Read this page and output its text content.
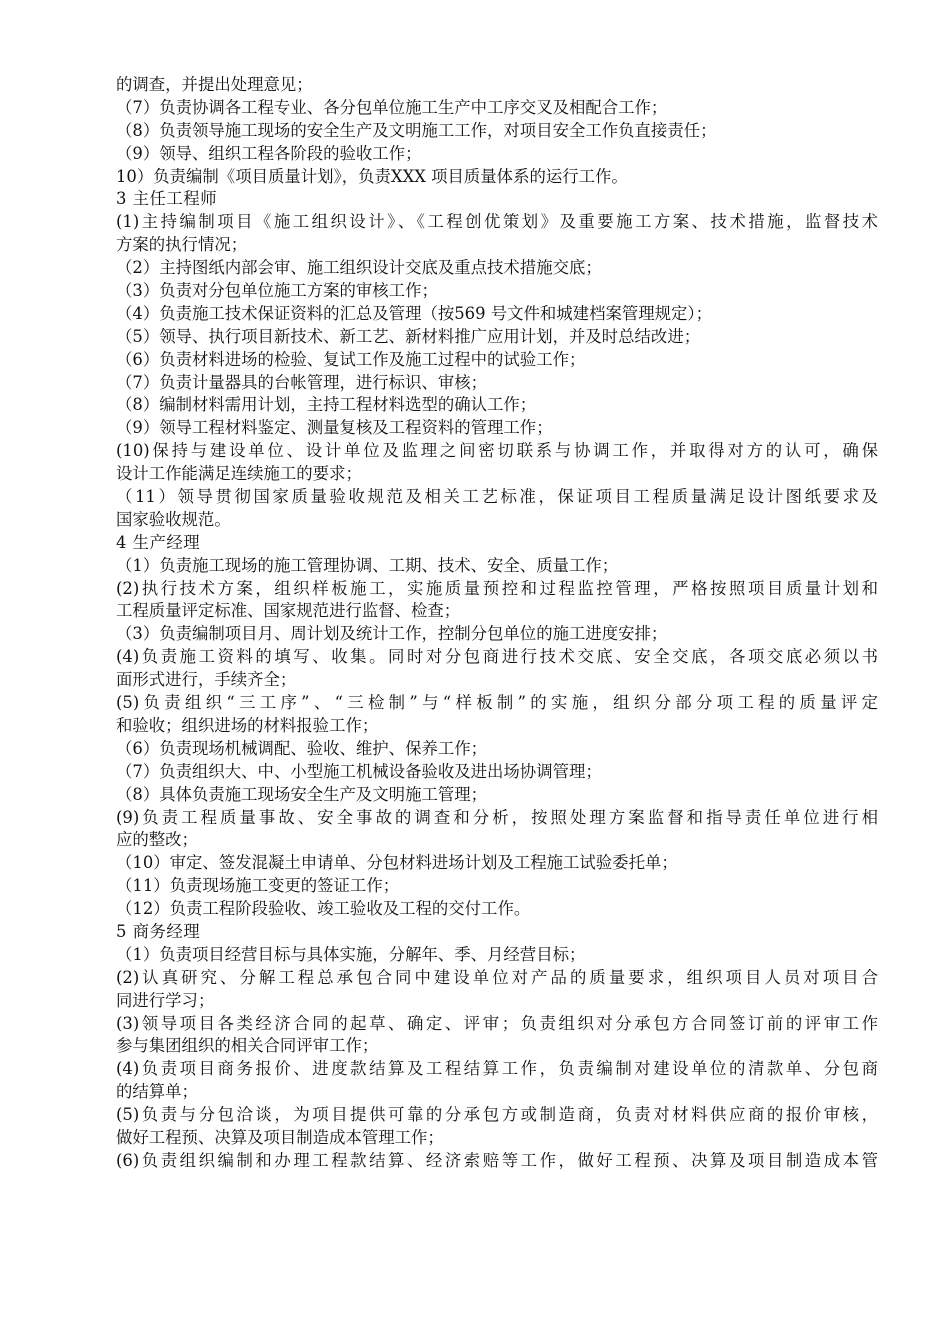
的调查，并提出处理意见；
（7）负责协调各工程专业、各分包单位施工生产中工序交叉及相配合工作；
（8）负责领导施工现场的安全生产及文明施工工作，对项目安全工作负直接责任；
（9）领导、组织工程各阶段的验收工作；
10）负责编制《项目质量计划》，负责XXX 项目质量体系的运行工作。
3 主任工程师
(1)主持编制项目《施工组织设计》、《工程创优策划》及重要施工方案、技术措施，监督技术
方案的执行情况；
（2）主持图纸内部会审、施工组织设计交底及重点技术措施交底；
（3）负责对分包单位施工方案的审核工作；
（4）负责施工技术保证资料的汇总及管理（按569 号文件和城建档案管理规定）；
（5）领导、执行项目新技术、新工艺、新材料推广应用计划，并及时总结改进；
（6）负责材料进场的检验、复试工作及施工过程中的试验工作；
（7）负责计量器具的台帐管理，进行标识、审核；
（8）编制材料需用计划，主持工程材料选型的确认工作；
（9）领导工程材料鉴定、测量复核及工程资料的管理工作；
(10)保持与建设单位、设计单位及监理之间密切联系与协调工作，并取得对方的认可，确保
设计工作能满足连续施工的要求；
（11）领导贯彻国家质量验收规范及相关工艺标准，保证项目工程质量满足设计图纸要求及
国家验收规范。
4 生产经理
（1）负责施工现场的施工管理协调、工期、技术、安全、质量工作；
(2)执行技术方案，组织样板施工，实施质量预控和过程监控管理，严格按照项目质量计划和
工程质量评定标准、国家规范进行监督、检查；
（3）负责编制项目月、周计划及统计工作，控制分包单位的施工进度安排；
(4)负责施工资料的填写、收集。同时对分包商进行技术交底、安全交底，各项交底必须以书
面形式进行，手续齐全；
(5)负责组织“三工序”、“三检制”与“样板制”的实施，组织分部分项工程的质量评定
和验收；组织进场的材料报验工作；
（6）负责现场机械调配、验收、维护、保养工作；
（7）负责组织大、中、小型施工机械设备验收及进出场协调管理；
（8）具体负责施工现场安全生产及文明施工管理；
(9)负责工程质量事故、安全事故的调查和分析，按照处理方案监督和指导责任单位进行相
应的整改；
（10）审定、签发混凝土申请单、分包材料进场计划及工程施工试验委托单；
（11）负责现场施工变更的签证工作；
（12）负责工程阶段验收、竣工验收及工程的交付工作。
5 商务经理
（1）负责项目经营目标与具体实施，分解年、季、月经营目标；
(2)认真研究、分解工程总承包合同中建设单位对产品的质量要求，组织项目人员对项目合
同进行学习；
(3)领导项目各类经济合同的起草、确定、评审；负责组织对分承包方合同签订前的评审工作
参与集团组织的相关合同评审工作；
(4)负责项目商务报价、进度款结算及工程结算工作，负责编制对建设单位的清款单、分包商
的结算单；
(5)负责与分包洽谈，为项目提供可靠的分承包方或制造商，负责对材料供应商的报价审核，
做好工程预、决算及项目制造成本管理工作；
(6)负责组织编制和办理工程款结算、经济索赔等工作，做好工程预、决算及项目制造成本管
